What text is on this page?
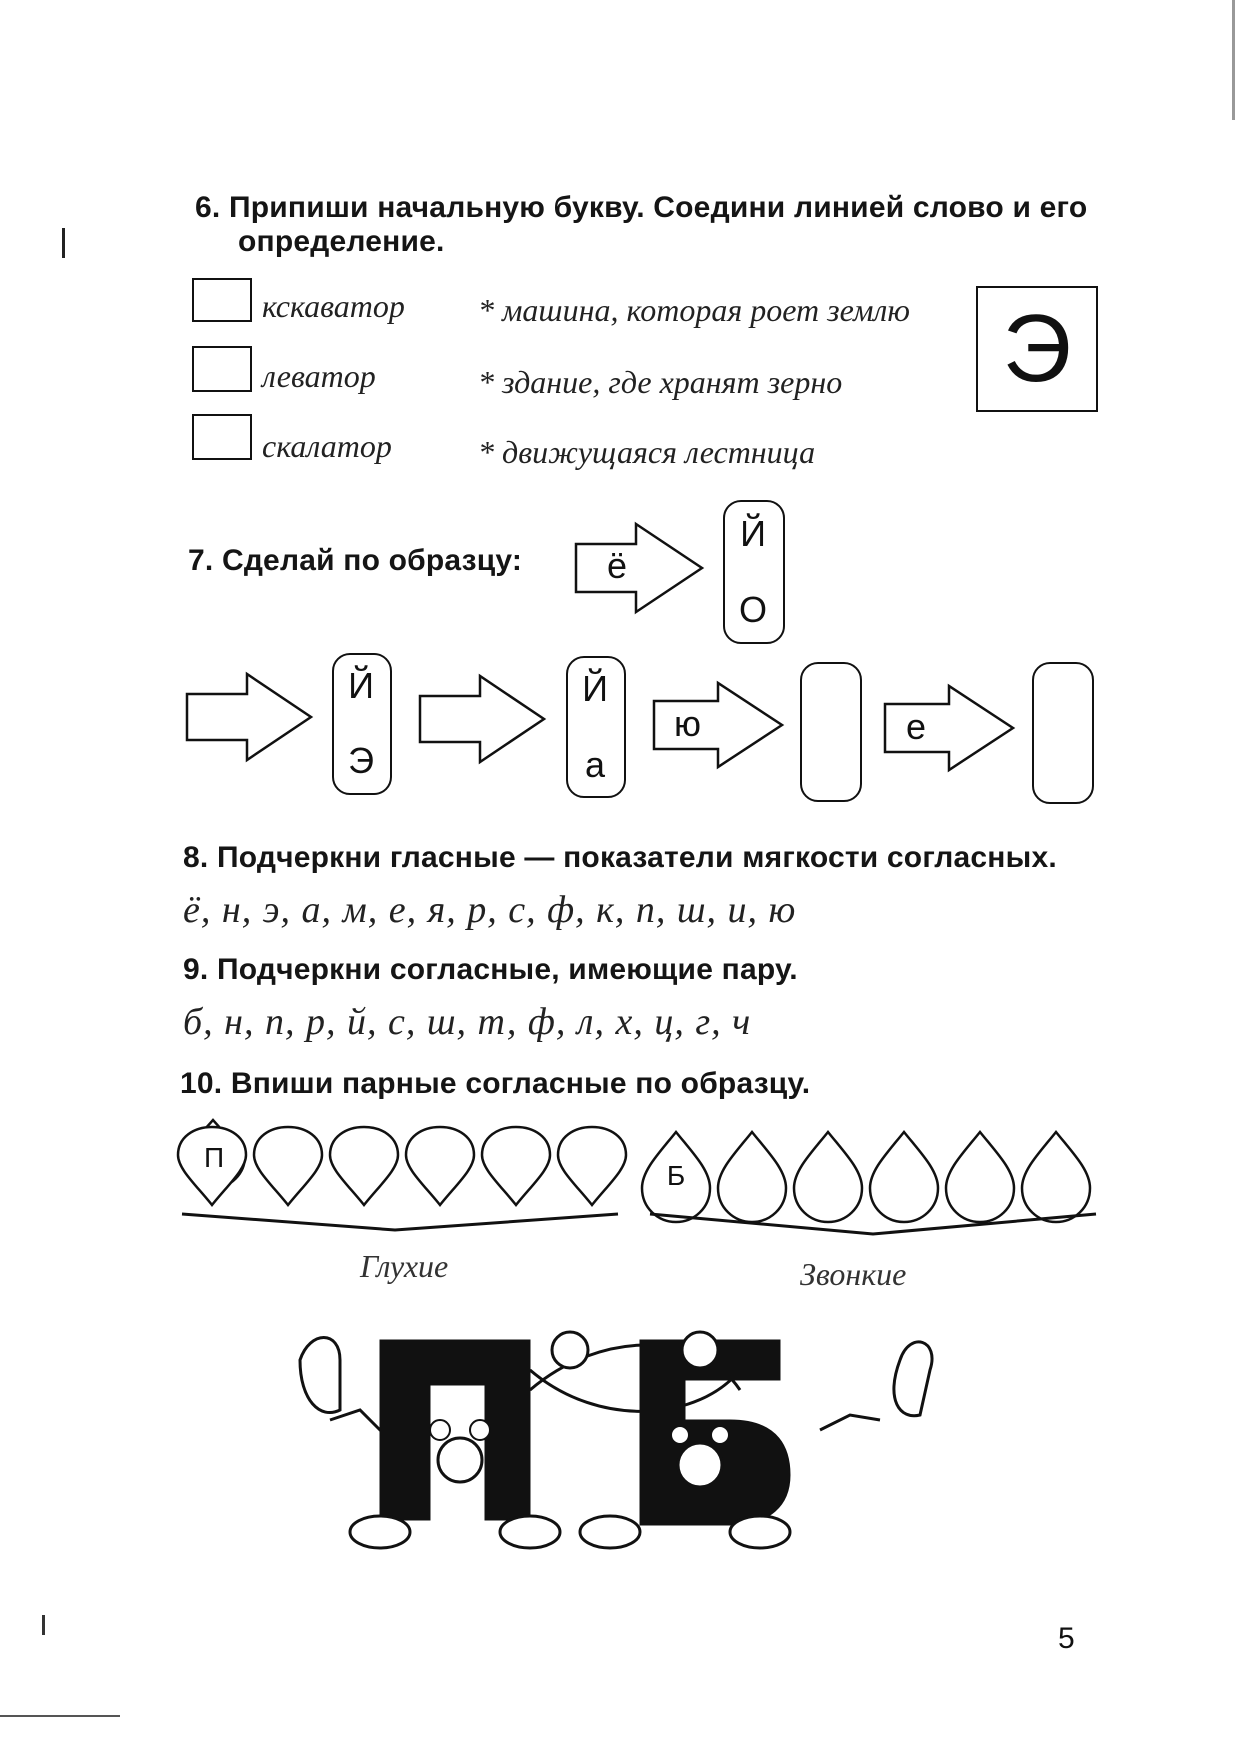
6. Припиши начальную букву. Соедини линией слово и его
определение.
кскаватор * машина, которая роет землю
леватор	* здание, где хранят зерно
скалатор	* движущаяся лестница
Э
7. Сделай по образцу: ё
Й
О
Й
Э
Й
а
ю	е
8. Подчеркни гласные — показатели мягкости согласных.
ё, н, э, а, м, е, я, р, с, ф, к, п, ш, и, ю
9. Подчеркни согласные, имеющие пару.
б, н, п, р, й, с, ш, т, ф, л, х, ц, г, ч
10. Впиши парные согласные по образцу.
П
Б
Глухие	Звонкие
5
